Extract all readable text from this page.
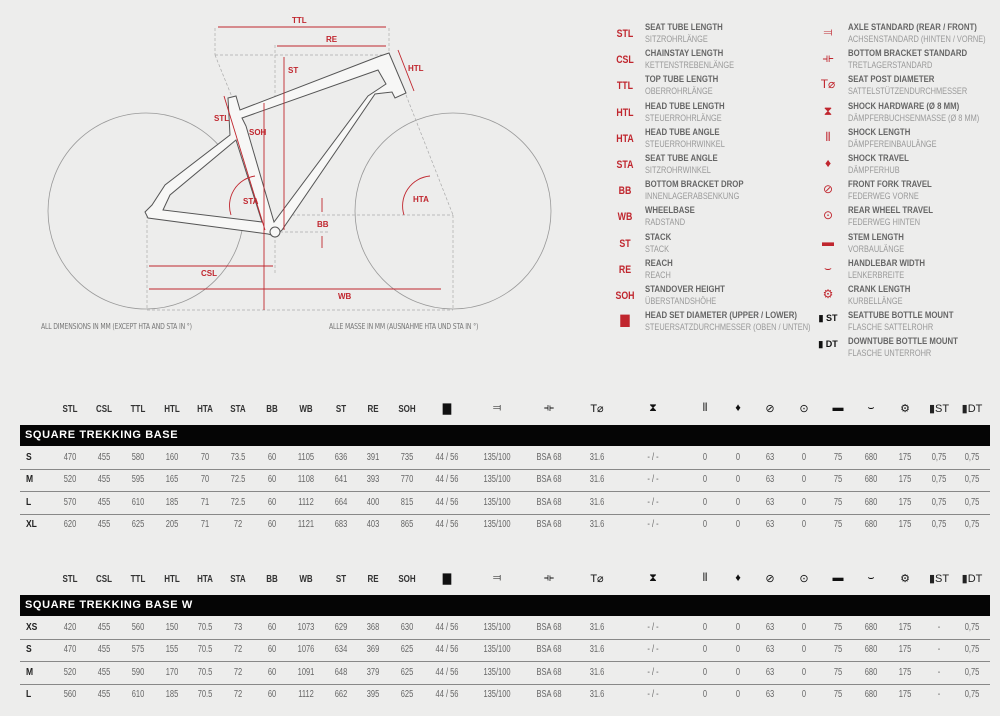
TTL
RE
ST	HTL
STL
SOH
STA	HTA
BB
CSL
WB
ALL DIMENSIONS IN MM (EXCEPT HTA AND STA IN °)	ALLE MASSE IN MM (AUSNAHME HTA UND STA IN °)
STL
SEAT TUBE LENGTH
SITZROHRLÄNGE
CSL
CHAINSTAY LENGTH
KETTENSTREBENLÄNGE
TTL
TOP TUBE LENGTH
OBERROHRLÄNGE
HTL
HEAD TUBE LENGTH
STEUERROHRLÄNGE
HTA
HEAD TUBE ANGLE
STEUERROHRWINKEL
STA
SEAT TUBE ANGLE
SITZROHRWINKEL
BB
BOTTOM BRACKET DROP
INNENLAGERABSENKUNG
WB
WHEELBASE
RADSTAND
ST
STACK
STACK
RE
REACH
REACH
SOH
STANDOVER HEIGHT
ÜBERSTANDSHÖHE
▇	HEAD SET DIAMETER (UPPER / LOWER)
STEUERSATZDURCHMESSER (OBEN / UNTEN)
⫤	AXLE STANDARD (REAR / FRONT)
ACHSENSTANDARD (HINTEN / VORNE)
⟛	BOTTOM BRACKET STANDARD
TRETLAGERSTANDARD
T⌀	SEAT POST DIAMETER
SATTELSTÜTZENDURCHMESSER
⧗	SHOCK HARDWARE (Ø 8 MM)
DÄMPFERBUCHSENMASSE (Ø 8 MM)
⦀	SHOCK LENGTH
DÄMPFEREINBAULÄNGE
♦	SHOCK TRAVEL
DÄMPFERHUB
⊘	FRONT FORK TRAVEL
FEDERWEG VORNE
⊙	REAR WHEEL TRAVEL
FEDERWEG HINTEN
▬	STEM LENGTH
VORBAULÄNGE
⌣	HANDLEBAR WIDTH
LENKERBREITE
⚙	CRANK LENGTH
KURBELLÄNGE
▮ ST	SEATTUBE BOTTLE MOUNT
FLASCHE SATTELROHR
▮ DT	DOWNTUBE BOTTLE MOUNT
FLASCHE UNTERROHR
STL CSL TTL HTL HTA STA BB WB ST RE SOH ▇	⫤	⟛	T⌀	⧗	⦀	♦ ⊘ ⊙ ▬ ⌣ ⚙ ▮ST ▮DT
SQUARE TREKKING BASE
S	470 455 580 160 70 73.5 60 1105 636 391 735 44 / 56 135/100	BSA 68	31.6	- / -	0	0	63	0	75 680 175 0,75 0,75
M	520 455 595 165 70 72.5 60 1108 641 393 770 44 / 56 135/100	BSA 68	31.6	- / -	0	0	63	0	75 680 175 0,75 0,75
L	570 455 610 185 71 72.5 60 1112 664 400 815 44 / 56 135/100	BSA 68	31.6	- / -	0	0	63	0	75 680 175 0,75 0,75
XL	620 455 625 205 71 72	60 1121 683 403 865 44 / 56 135/100	BSA 68	31.6	- / -	0	0	63	0	75 680 175 0,75 0,75
STL CSL TTL HTL HTA STA BB WB ST RE SOH ▇	⫤	⟛	T⌀	⧗	⦀	♦ ⊘ ⊙ ▬ ⌣ ⚙ ▮ST ▮DT
SQUARE TREKKING BASE W
XS	420 455 560 150 70.5 73	60 1073 629 368 630 44 / 56 135/100	BSA 68	31.6	- / -	0	0	63	0	75 680 175	- 0,75
S	470 455 575 155 70.5 72	60 1076 634 369 625 44 / 56 135/100	BSA 68	31.6	- / -	0	0	63	0	75 680 175	- 0,75
M	520 455 590 170 70.5 72	60 1091 648 379 625 44 / 56 135/100	BSA 68	31.6	- / -	0	0	63	0	75 680 175	- 0,75
L	560 455 610 185 70.5 72	60 1112 662 395 625 44 / 56 135/100	BSA 68	31.6	- / -	0	0	63	0	75 680 175	- 0,75
